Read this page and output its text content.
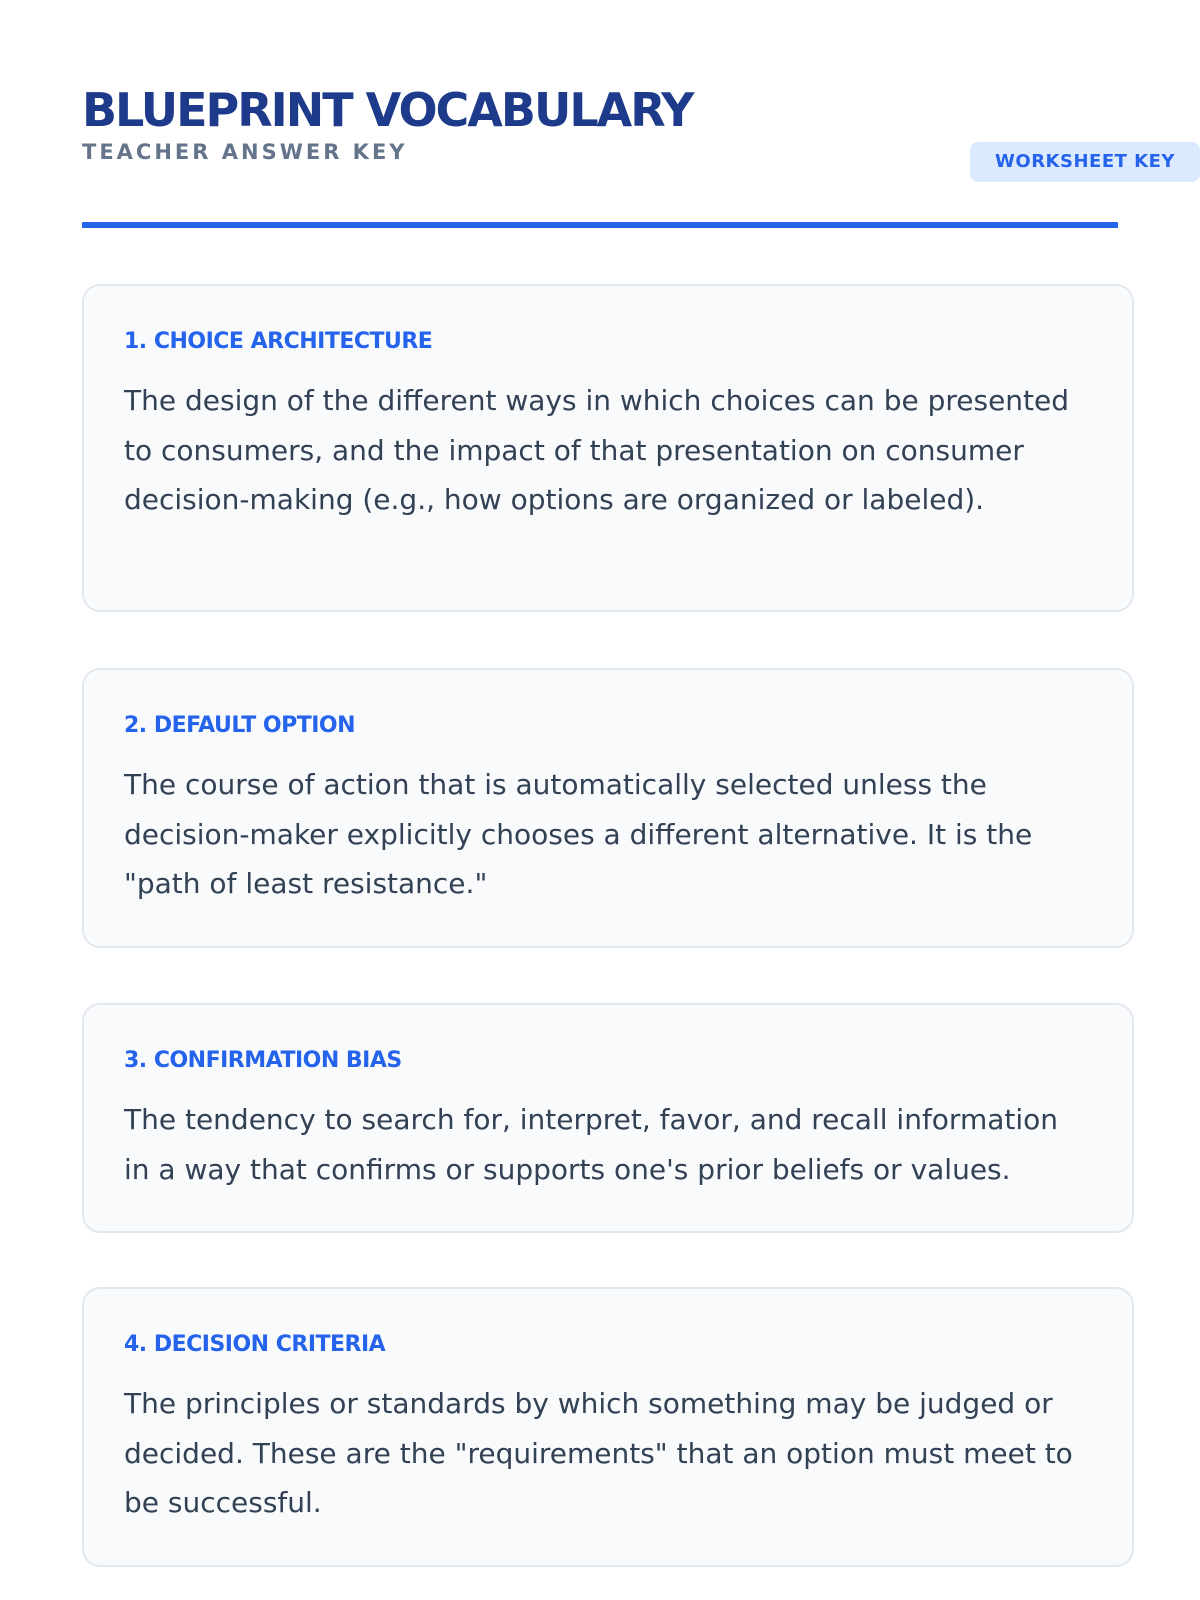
BLUEPRINT VOCABULARY
TEACHER ANSWER KEY	WORKSHEET KEY
1. CHOICE ARCHITECTURE
The design of the different ways in which choices can be presented to consumers, and the impact of that presentation on consumer decision-making (e.g., how options are organized or labeled).
2. DEFAULT OPTION
The course of action that is automatically selected unless the decision-maker explicitly chooses a different alternative. It is the "path of least resistance."
3. CONFIRMATION BIAS
The tendency to search for, interpret, favor, and recall information in a way that confirms or supports one's prior beliefs or values.
4. DECISION CRITERIA
The principles or standards by which something may be judged or decided. These are the "requirements" that an option must meet to be successful.
